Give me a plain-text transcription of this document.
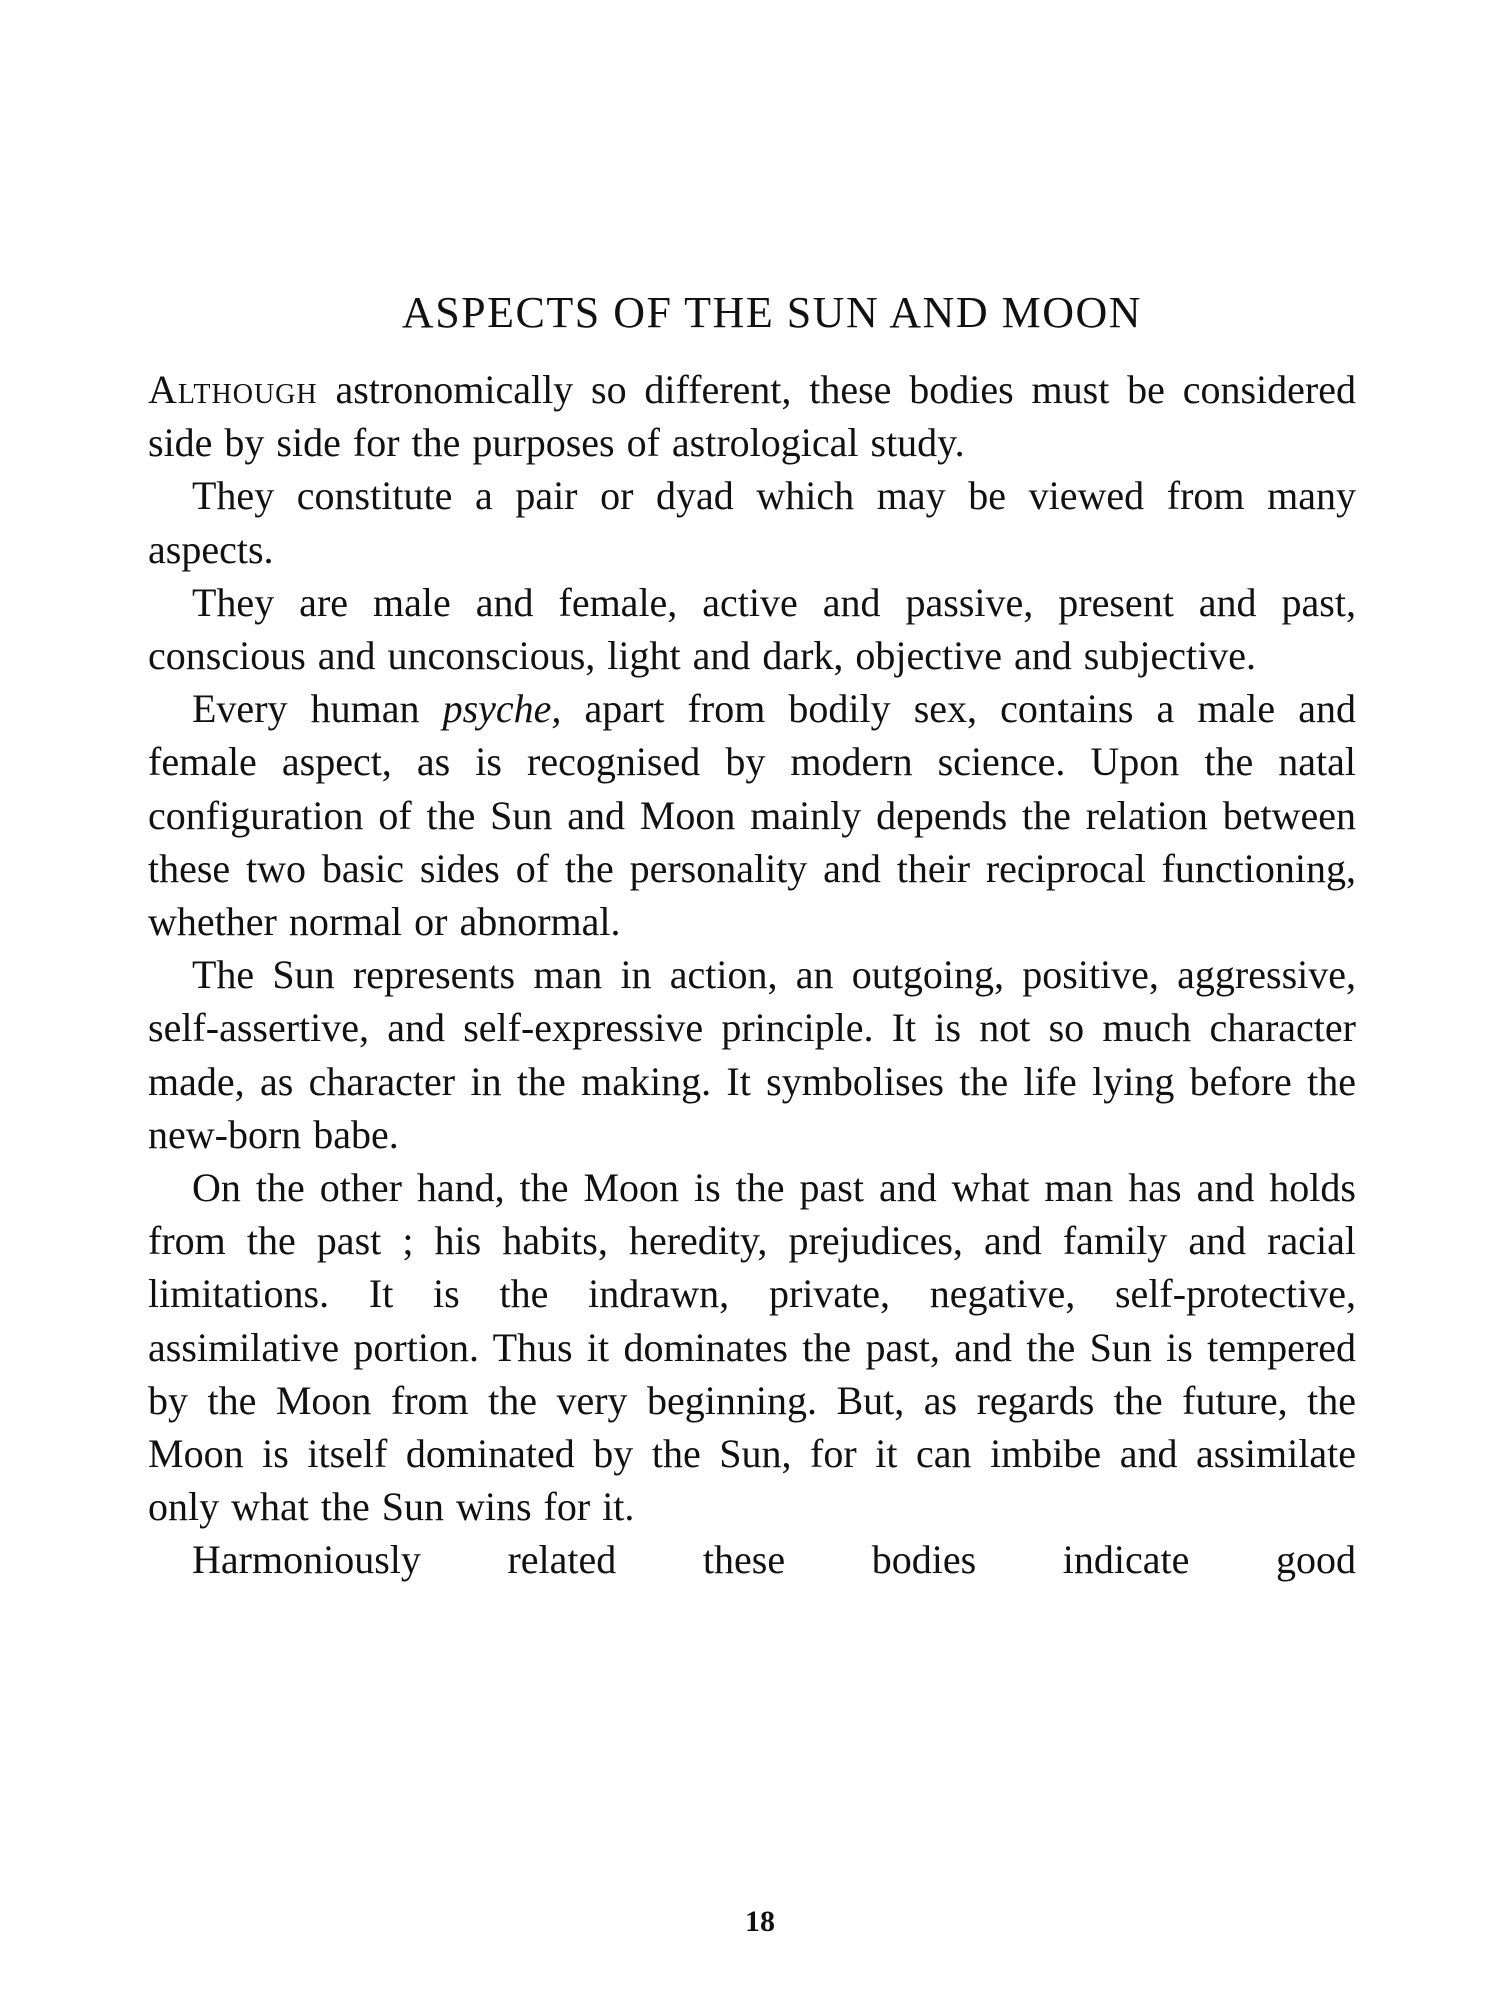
ASPECTS OF THE SUN AND MOON

Although astronomically so different, these bodies must be considered side by side for the purposes of astrological study.

They constitute a pair or dyad which may be viewed from many aspects.

They are male and female, active and passive, present and past, conscious and unconscious, light and dark, objective and subjective.

Every human psyche, apart from bodily sex, contains a male and female aspect, as is recognised by modern science. Upon the natal configuration of the Sun and Moon mainly depends the relation between these two basic sides of the personality and their reciprocal functioning, whether normal or abnormal.

The Sun represents man in action, an outgoing, positive, aggressive, self-assertive, and self-expressive principle. It is not so much character made, as character in the making. It symbolises the life lying before the new-born babe.

On the other hand, the Moon is the past and what man has and holds from the past ; his habits, heredity, prejudices, and family and racial limitations. It is the indrawn, private, negative, self-protective, assimilative portion. Thus it dominates the past, and the Sun is tempered by the Moon from the very beginning. But, as regards the future, the Moon is itself dominated by the Sun, for it can imbibe and assimilate only what the Sun wins for it.

Harmoniously related these bodies indicate good

18
